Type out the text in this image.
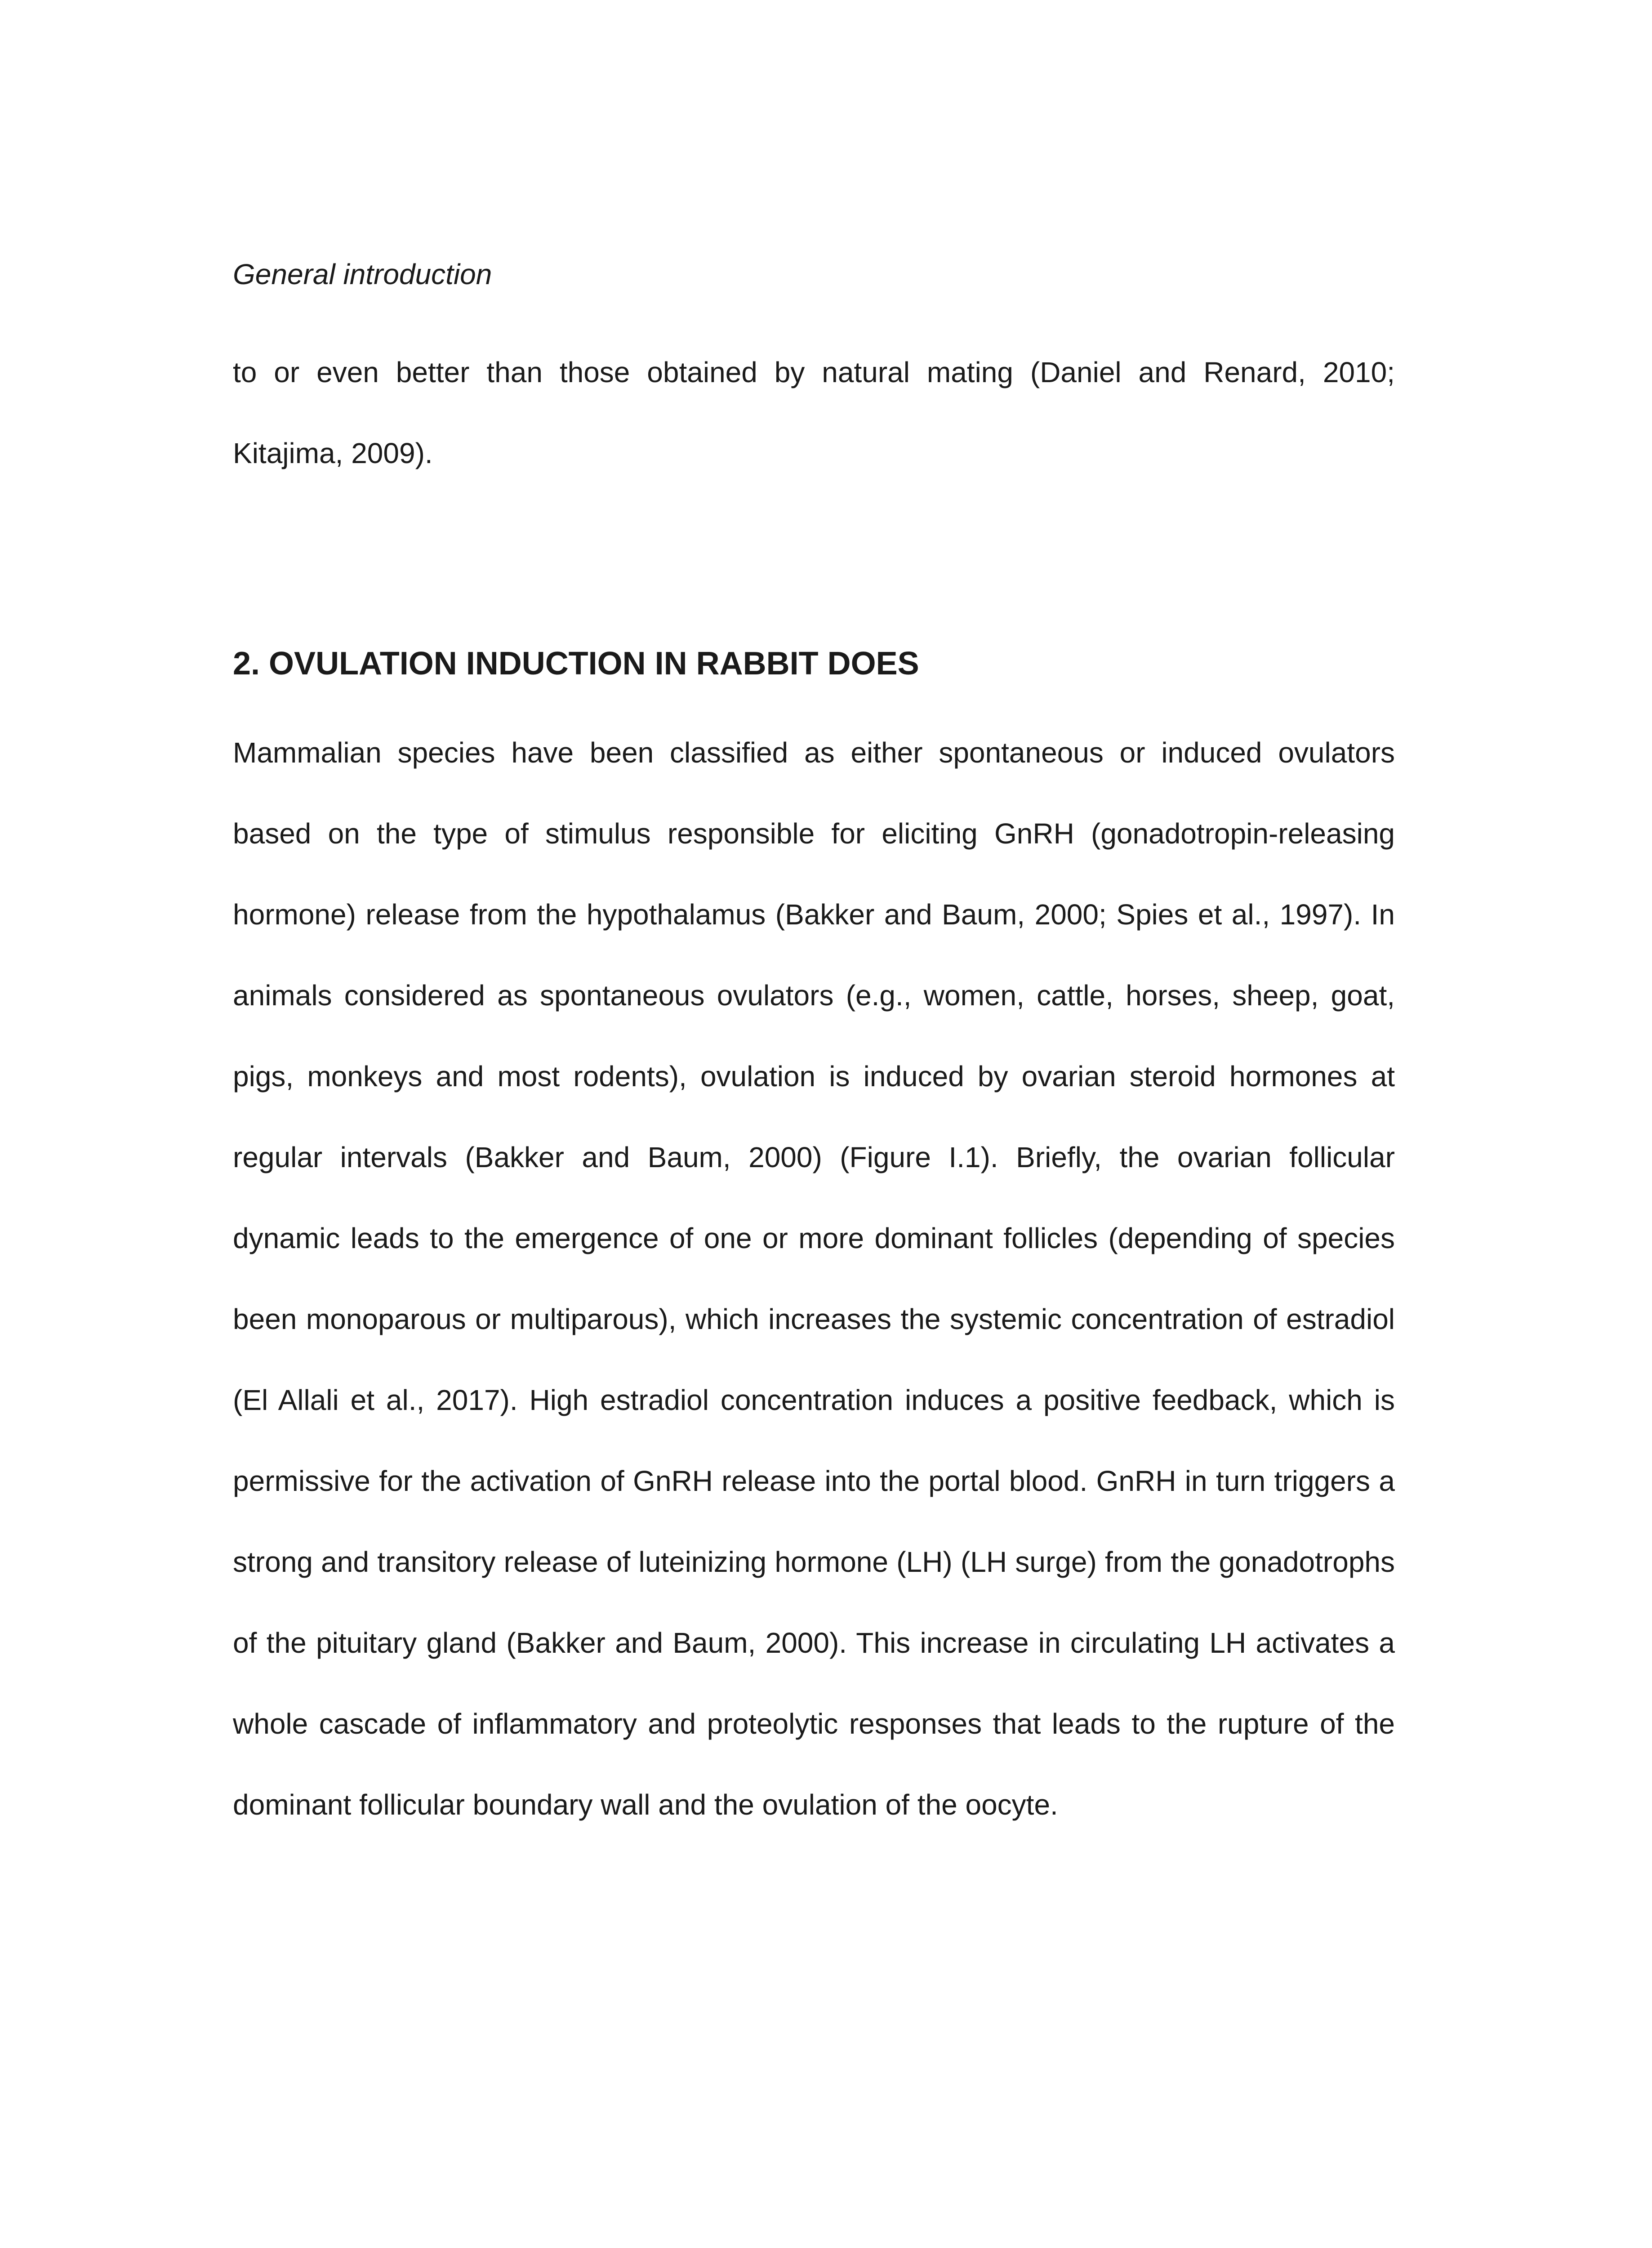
General introduction

to or even better than those obtained by natural mating (Daniel and Renard, 2010; Kitajima, 2009).

2. OVULATION INDUCTION IN RABBIT DOES

Mammalian species have been classified as either spontaneous or induced ovulators based on the type of stimulus responsible for eliciting GnRH (gonadotropin-releasing hormone) release from the hypothalamus (Bakker and Baum, 2000; Spies et al., 1997). In animals considered as spontaneous ovulators (e.g., women, cattle, horses, sheep, goat, pigs, monkeys and most rodents), ovulation is induced by ovarian steroid hormones at regular intervals (Bakker and Baum, 2000) (Figure I.1). Briefly, the ovarian follicular dynamic leads to the emergence of one or more dominant follicles (depending of species been monoparous or multiparous), which increases the systemic concentration of estradiol (El Allali et al., 2017). High estradiol concentration induces a positive feedback, which is permissive for the activation of GnRH release into the portal blood. GnRH in turn triggers a strong and transitory release of luteinizing hormone (LH) (LH surge) from the gonadotrophs of the pituitary gland (Bakker and Baum, 2000). This increase in circulating LH activates a whole cascade of inflammatory and proteolytic responses that leads to the rupture of the dominant follicular boundary wall and the ovulation of the oocyte.
